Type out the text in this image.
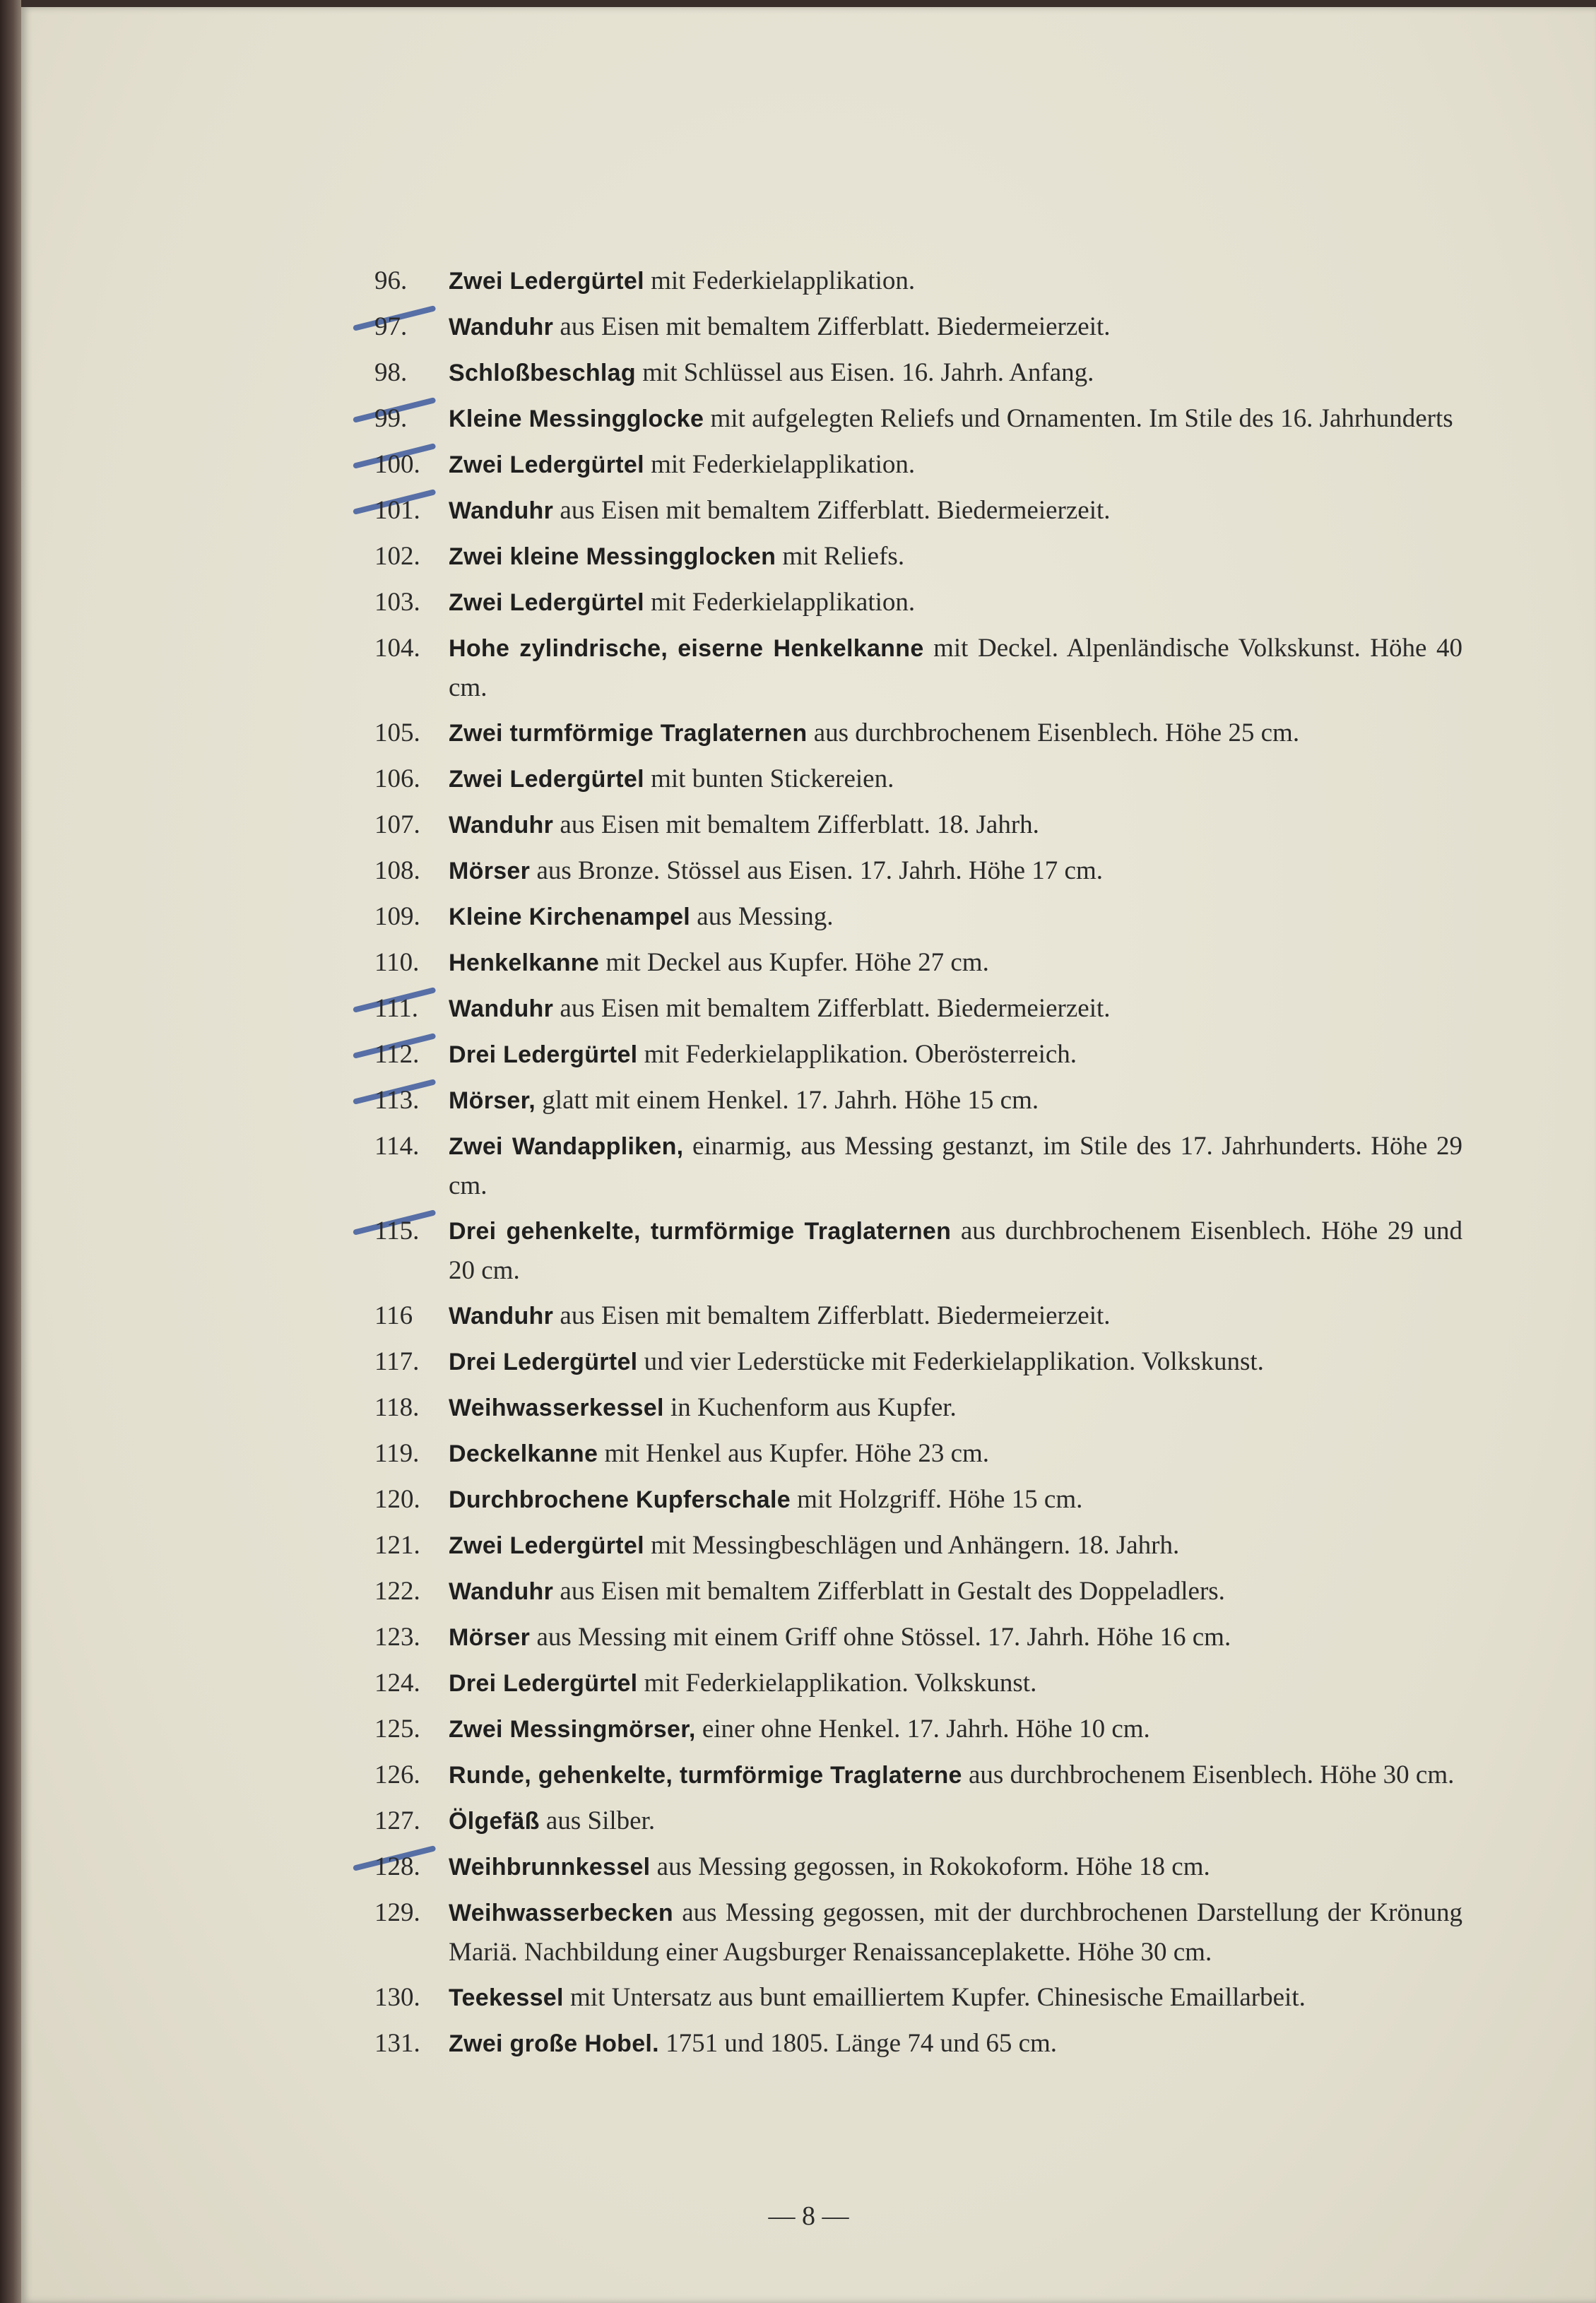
96.	Zwei Ledergürtel mit Federkielapplikation.
97.	Wanduhr aus Eisen mit bemaltem Zifferblatt. Biedermeierzeit.
98.	Schloßbeschlag mit Schlüssel aus Eisen. 16. Jahrh. Anfang.
99.	Kleine Messingglocke mit aufgelegten Reliefs und Ornamenten. Im Stile des 16. Jahrhunderts
100.	Zwei Ledergürtel mit Federkielapplikation.
101.	Wanduhr aus Eisen mit bemaltem Zifferblatt. Biedermeierzeit.
102.	Zwei kleine Messingglocken mit Reliefs.
103.	Zwei Ledergürtel mit Federkielapplikation.
104.	Hohe zylindrische, eiserne Henkelkanne mit Deckel. Alpenländische Volkskunst. Höhe 40 cm.
105.	Zwei turmförmige Traglaternen aus durchbrochenem Eisenblech. Höhe 25 cm.
106.	Zwei Ledergürtel mit bunten Stickereien.
107.	Wanduhr aus Eisen mit bemaltem Zifferblatt. 18. Jahrh.
108.	Mörser aus Bronze. Stössel aus Eisen. 17. Jahrh. Höhe 17 cm.
109.	Kleine Kirchenampel aus Messing.
110.	Henkelkanne mit Deckel aus Kupfer. Höhe 27 cm.
111.	Wanduhr aus Eisen mit bemaltem Zifferblatt. Biedermeierzeit.
112.	Drei Ledergürtel mit Federkielapplikation. Oberösterreich.
113.	Mörser, glatt mit einem Henkel. 17. Jahrh. Höhe 15 cm.
114.	Zwei Wandappliken, einarmig, aus Messing gestanzt, im Stile des 17. Jahrhunderts. Höhe 29 cm.
115.	Drei gehenkelte, turmförmige Traglaternen aus durchbrochenem Eisenblech. Höhe 29 und 20 cm.
116	Wanduhr aus Eisen mit bemaltem Zifferblatt. Biedermeierzeit.
117.	Drei Ledergürtel und vier Lederstücke mit Federkielapplikation. Volkskunst.
118.	Weihwasserkessel in Kuchenform aus Kupfer.
119.	Deckelkanne mit Henkel aus Kupfer. Höhe 23 cm.
120.	Durchbrochene Kupferschale mit Holzgriff. Höhe 15 cm.
121.	Zwei Ledergürtel mit Messingbeschlägen und Anhängern. 18. Jahrh.
122.	Wanduhr aus Eisen mit bemaltem Zifferblatt in Gestalt des Doppeladlers.
123.	Mörser aus Messing mit einem Griff ohne Stössel. 17. Jahrh. Höhe 16 cm.
124.	Drei Ledergürtel mit Federkielapplikation. Volkskunst.
125.	Zwei Messingmörser, einer ohne Henkel. 17. Jahrh. Höhe 10 cm.
126.	Runde, gehenkelte, turmförmige Traglaterne aus durchbrochenem Eisenblech. Höhe 30 cm.
127.	Ölgefäß aus Silber.
128.	Weihbrunnkessel aus Messing gegossen, in Rokokoform. Höhe 18 cm.
129.	Weihwasserbecken aus Messing gegossen, mit der durchbrochenen Darstellung der Krönung Mariä. Nachbildung einer Augsburger Renaissanceplakette. Höhe 30 cm.
130.	Teekessel mit Untersatz aus bunt emailliertem Kupfer. Chinesische Emaillarbeit.
131.	Zwei große Hobel. 1751 und 1805. Länge 74 und 65 cm.
— 8 —
